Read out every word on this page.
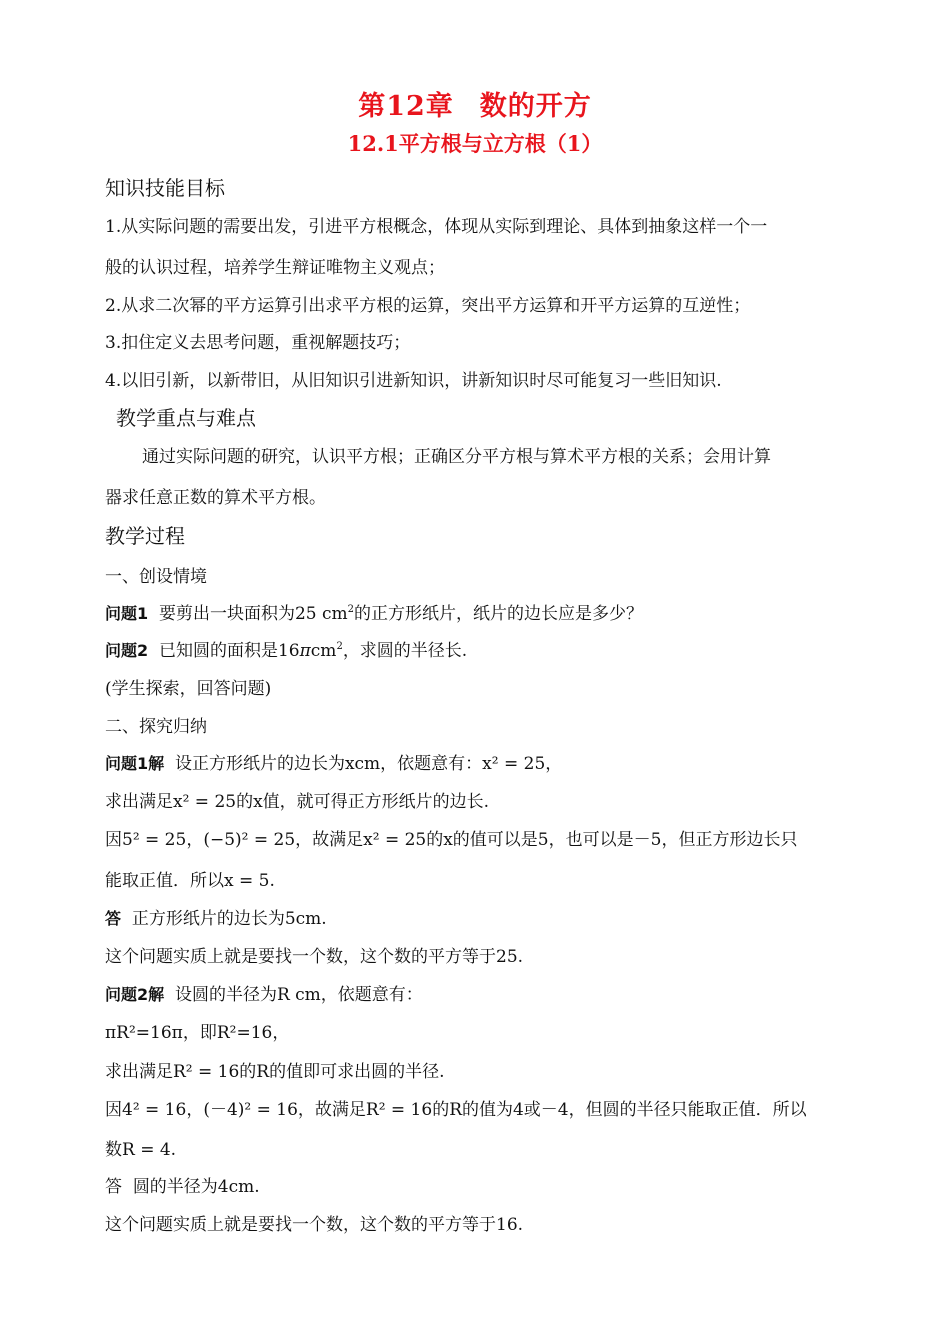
第12章 数的开方
12.1平方根与立方根（1）
知识技能目标
1.从实际问题的需要出发，引进平方根概念，体现从实际到理论、具体到抽象这样一个一
般的认识过程，培养学生辩证唯物主义观点；
2.从求二次幂的平方运算引出求平方根的运算，突出平方运算和开平方运算的互逆性；
3.扣住定义去思考问题，重视解题技巧；
4.以旧引新，以新带旧，从旧知识引进新知识，讲新知识时尽可能复习一些旧知识.
教学重点与难点
通过实际问题的研究，认识平方根；正确区分平方根与算术平方根的关系；会用计算
器求任意正数的算术平方根。
教学过程
一、创设情境
问题1 要剪出一块面积为25 $cm^2$的正方形纸片，纸片的边长应是多少？
问题2 已知圆的面积是16πcm$^2$，求圆的半径长.
(学生探索，回答问题)
二、探究归纳
问题1解 设正方形纸片的边长为xcm，依题意有：x² = 25，
求出满足x² = 25的x值，就可得正方形纸片的边长.
因5² = 25，(−5)² = 25，故满足x² = 25的x的值可以是5，也可以是－5，但正方形边长只
能取正值．所以x = 5.
答 正方形纸片的边长为5cm.
这个问题实质上就是要找一个数，这个数的平方等于25.
问题2解 设圆的半径为R cm，依题意有：
πR²=16π，即R²=16，
求出满足R² = 16的R的值即可求出圆的半径.
因4² = 16，(－4)² = 16，故满足R² = 16的R的值为4或－4，但圆的半径只能取正值．所以
数R = 4.
答 圆的半径为4cm.
这个问题实质上就是要找一个数，这个数的平方等于16.
